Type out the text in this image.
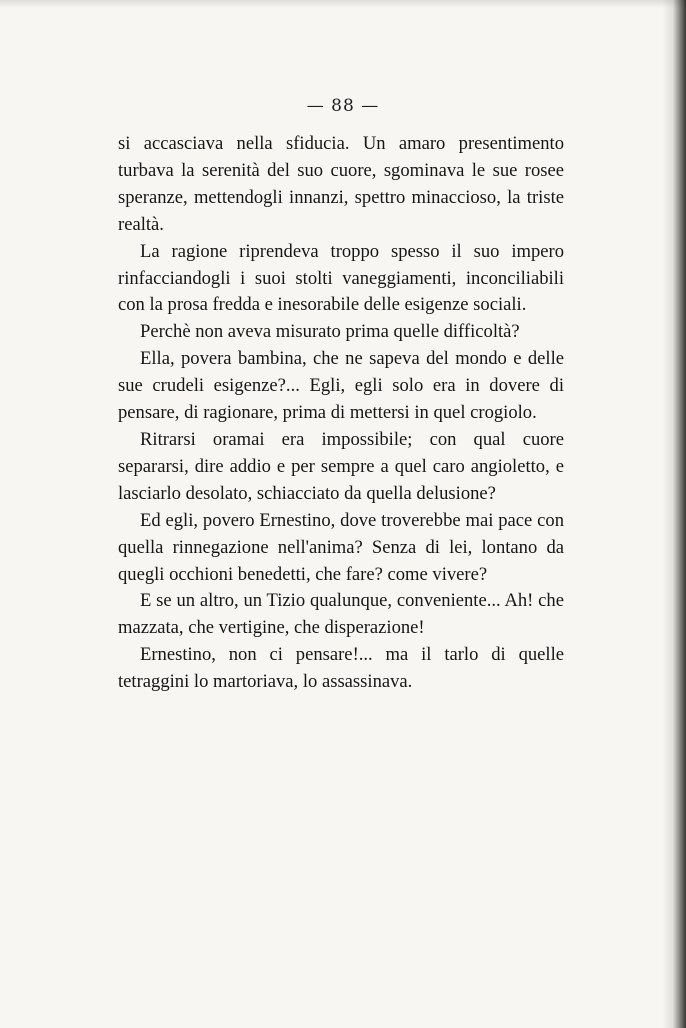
— 88 —

si accasciava nella sfiducia. Un amaro presentimento turbava la serenità del suo cuore, sgominava le sue rosee speranze, mettendogli innanzi, spettro minaccioso, la triste realtà.

La ragione riprendeva troppo spesso il suo impero rinfacciandogli i suoi stolti vaneggiamenti, inconciliabili con la prosa fredda e inesorabile delle esigenze sociali.

Perchè non aveva misurato prima quelle difficoltà?

Ella, povera bambina, che ne sapeva del mondo e delle sue crudeli esigenze?... Egli, egli solo era in dovere di pensare, di ragionare, prima di mettersi in quel crogiolo.

Ritrarsi oramai era impossibile; con qual cuore separarsi, dire addio e per sempre a quel caro angioletto, e lasciarlo desolato, schiacciato da quella delusione?

Ed egli, povero Ernestino, dove troverebbe mai pace con quella rinnegazione nell'anima? Senza di lei, lontano da quegli occhioni benedetti, che fare? come vivere?

E se un altro, un Tizio qualunque, conveniente... Ah! che mazzata, che vertigine, che disperazione!

Ernestino, non ci pensare!... ma il tarlo di quelle tetraggini lo martoriava, lo assassinava.
